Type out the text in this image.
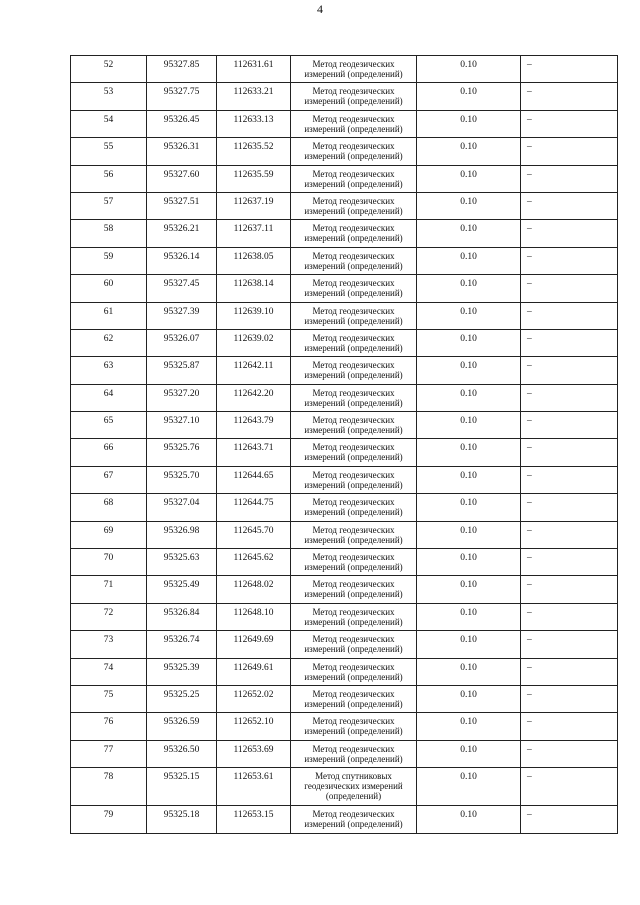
4
52	95327.85	112631.61	Метод геодезических измерений (определений)	0.10	–
53	95327.75	112633.21	Метод геодезических измерений (определений)	0.10	–
54	95326.45	112633.13	Метод геодезических измерений (определений)	0.10	–
55	95326.31	112635.52	Метод геодезических измерений (определений)	0.10	–
56	95327.60	112635.59	Метод геодезических измерений (определений)	0.10	–
57	95327.51	112637.19	Метод геодезических измерений (определений)	0.10	–
58	95326.21	112637.11	Метод геодезических измерений (определений)	0.10	–
59	95326.14	112638.05	Метод геодезических измерений (определений)	0.10	–
60	95327.45	112638.14	Метод геодезических измерений (определений)	0.10	–
61	95327.39	112639.10	Метод геодезических измерений (определений)	0.10	–
62	95326.07	112639.02	Метод геодезических измерений (определений)	0.10	–
63	95325.87	112642.11	Метод геодезических измерений (определений)	0.10	–
64	95327.20	112642.20	Метод геодезических измерений (определений)	0.10	–
65	95327.10	112643.79	Метод геодезических измерений (определений)	0.10	–
66	95325.76	112643.71	Метод геодезических измерений (определений)	0.10	–
67	95325.70	112644.65	Метод геодезических измерений (определений)	0.10	–
68	95327.04	112644.75	Метод геодезических измерений (определений)	0.10	–
69	95326.98	112645.70	Метод геодезических измерений (определений)	0.10	–
70	95325.63	112645.62	Метод геодезических измерений (определений)	0.10	–
71	95325.49	112648.02	Метод геодезических измерений (определений)	0.10	–
72	95326.84	112648.10	Метод геодезических измерений (определений)	0.10	–
73	95326.74	112649.69	Метод геодезических измерений (определений)	0.10	–
74	95325.39	112649.61	Метод геодезических измерений (определений)	0.10	–
75	95325.25	112652.02	Метод геодезических измерений (определений)	0.10	–
76	95326.59	112652.10	Метод геодезических измерений (определений)	0.10	–
77	95326.50	112653.69	Метод геодезических измерений (определений)	0.10	–
78	95325.15	112653.61	Метод спутниковых геодезических измерений (определений)	0.10	–
79	95325.18	112653.15	Метод геодезических измерений (определений)	0.10	–
